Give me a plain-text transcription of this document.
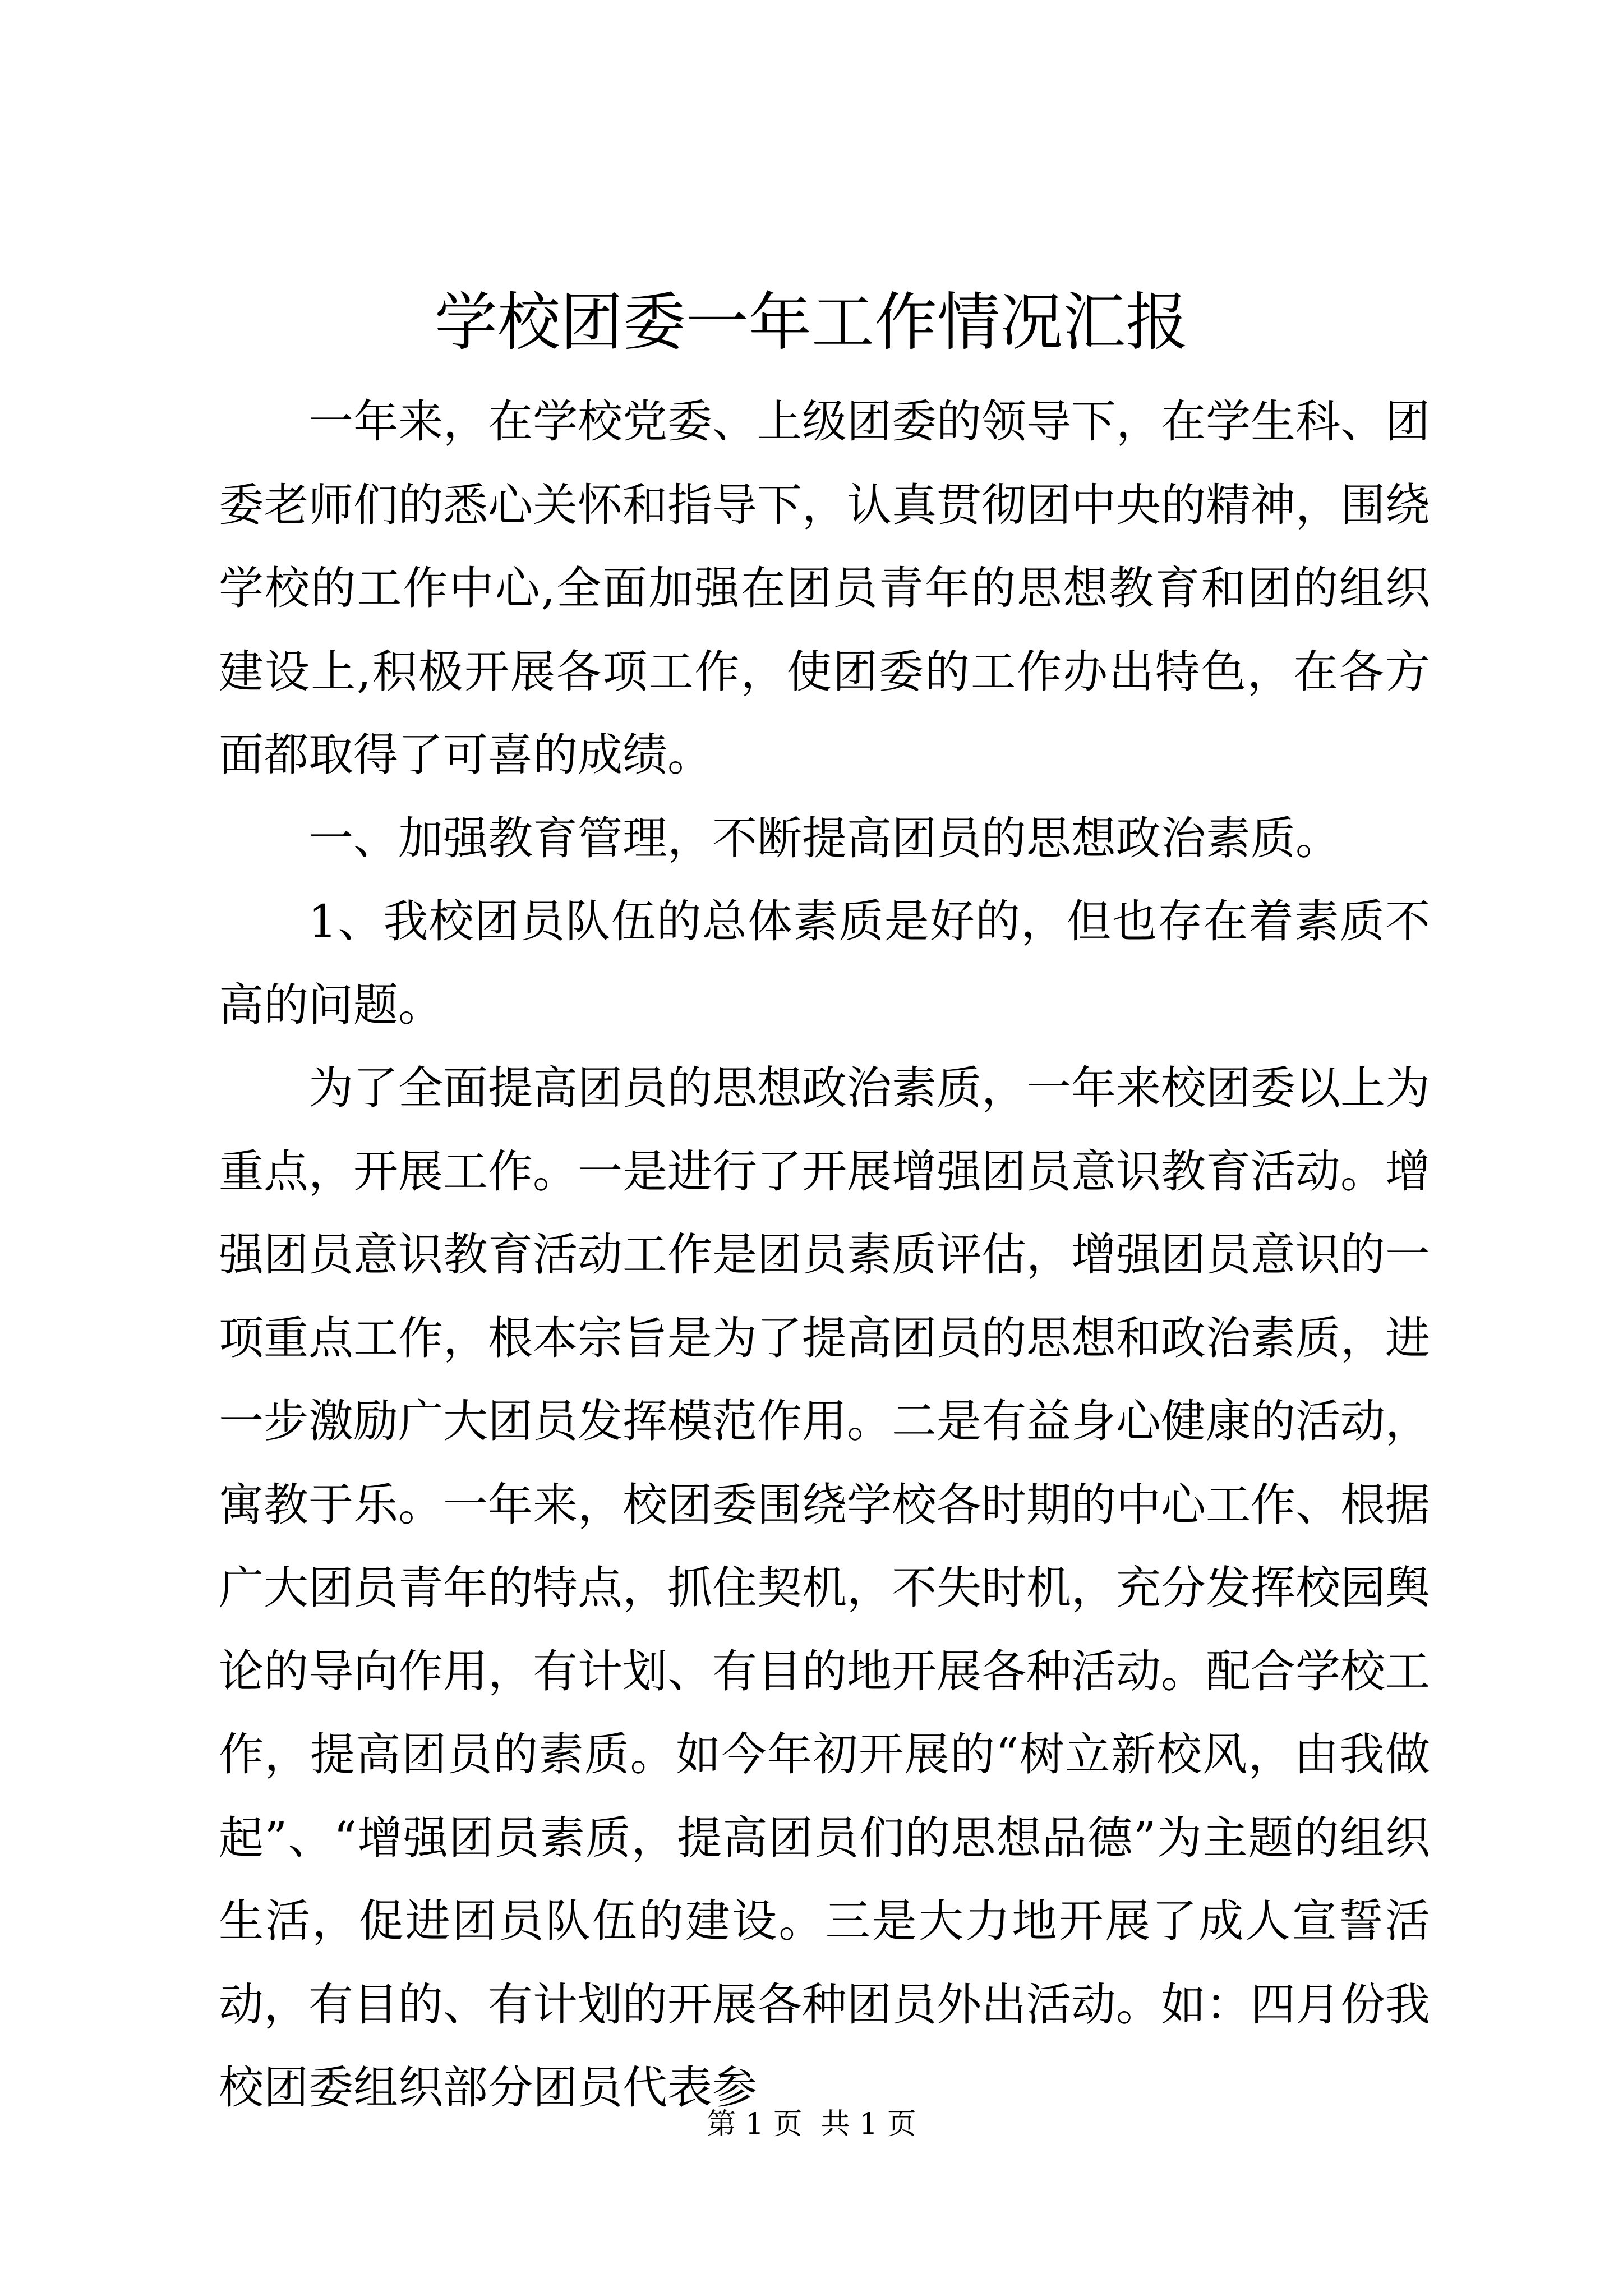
学校团委一年工作情况汇报

一年来，在学校党委、上级团委的领导下，在学生科、团委老师们的悉心关怀和指导下，认真贯彻团中央的精神，围绕学校的工作中心,全面加强在团员青年的思想教育和团的组织建设上,积极开展各项工作，使团委的工作办出特色，在各方面都取得了可喜的成绩。

一、加强教育管理，不断提高团员的思想政治素质。

1、我校团员队伍的总体素质是好的，但也存在着素质不高的问题。

为了全面提高团员的思想政治素质，一年来校团委以上为重点，开展工作。一是进行了开展增强团员意识教育活动。增强团员意识教育活动工作是团员素质评估，增强团员意识的一项重点工作，根本宗旨是为了提高团员的思想和政治素质，进一步激励广大团员发挥模范作用。二是有益身心健康的活动，寓教于乐。一年来，校团委围绕学校各时期的中心工作、根据广大团员青年的特点，抓住契机，不失时机，充分发挥校园舆论的导向作用，有计划、有目的地开展各种活动。配合学校工作，提高团员的素质。如今年初开展的“树立新校风，由我做起”、“增强团员素质，提高团员们的思想品德”为主题的组织生活，促进团员队伍的建设。三是大力地开展了成人宣誓活动，有目的、有计划的开展各种团员外出活动。如：四月份我校团委组织部分团员代表参

第 1 页  共 1 页
